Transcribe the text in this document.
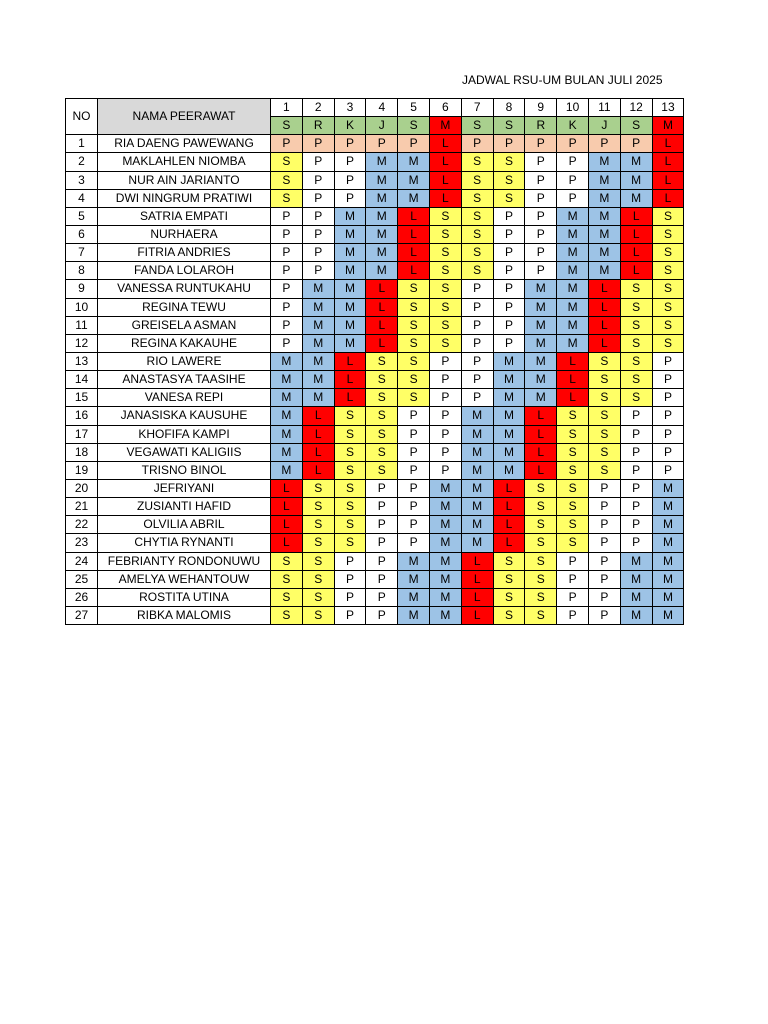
JADWAL RSU-UM BULAN JULI 2025
NO	NAMA PEERAWAT	1	2	3	4	5	6	7	8	9	10	11	12	13
		S	R	K	J	S	M	S	S	R	K	J	S	M
1	RIA DAENG PAWEWANG	P	P	P	P	P	L	P	P	P	P	P	P	L
2	MAKLAHLEN NIOMBA	S	P	P	M	M	L	S	S	P	P	M	M	L
3	NUR AIN JARIANTO	S	P	P	M	M	L	S	S	P	P	M	M	L
4	DWI NINGRUM PRATIWI	S	P	P	M	M	L	S	S	P	P	M	M	L
5	SATRIA EMPATI	P	P	M	M	L	S	S	P	P	M	M	L	S
6	NURHAERA	P	P	M	M	L	S	S	P	P	M	M	L	S
7	FITRIA ANDRIES	P	P	M	M	L	S	S	P	P	M	M	L	S
8	FANDA LOLAROH	P	P	M	M	L	S	S	P	P	M	M	L	S
9	VANESSA RUNTUKAHU	P	M	M	L	S	S	P	P	M	M	L	S	S
10	REGINA TEWU	P	M	M	L	S	S	P	P	M	M	L	S	S
11	GREISELA ASMAN	P	M	M	L	S	S	P	P	M	M	L	S	S
12	REGINA KAKAUHE	P	M	M	L	S	S	P	P	M	M	L	S	S
13	RIO LAWERE	M	M	L	S	S	P	P	M	M	L	S	S	P
14	ANASTASYA TAASIHE	M	M	L	S	S	P	P	M	M	L	S	S	P
15	VANESA REPI	M	M	L	S	S	P	P	M	M	L	S	S	P
16	JANASISKA KAUSUHE	M	L	S	S	P	P	M	M	L	S	S	P	P
17	KHOFIFA KAMPI	M	L	S	S	P	P	M	M	L	S	S	P	P
18	VEGAWATI KALIGIIS	M	L	S	S	P	P	M	M	L	S	S	P	P
19	TRISNO BINOL	M	L	S	S	P	P	M	M	L	S	S	P	P
20	JEFRIYANI	L	S	S	P	P	M	M	L	S	S	P	P	M
21	ZUSIANTI HAFID	L	S	S	P	P	M	M	L	S	S	P	P	M
22	OLVILIA ABRIL	L	S	S	P	P	M	M	L	S	S	P	P	M
23	CHYTIA RYNANTI	L	S	S	P	P	M	M	L	S	S	P	P	M
24	FEBRIANTY RONDONUWU	S	S	P	P	M	M	L	S	S	P	P	M	M
25	AMELYA WEHANTOUW	S	S	P	P	M	M	L	S	S	P	P	M	M
26	ROSTITA UTINA	S	S	P	P	M	M	L	S	S	P	P	M	M
27	RIBKA MALOMIS	S	S	P	P	M	M	L	S	S	P	P	M	M
